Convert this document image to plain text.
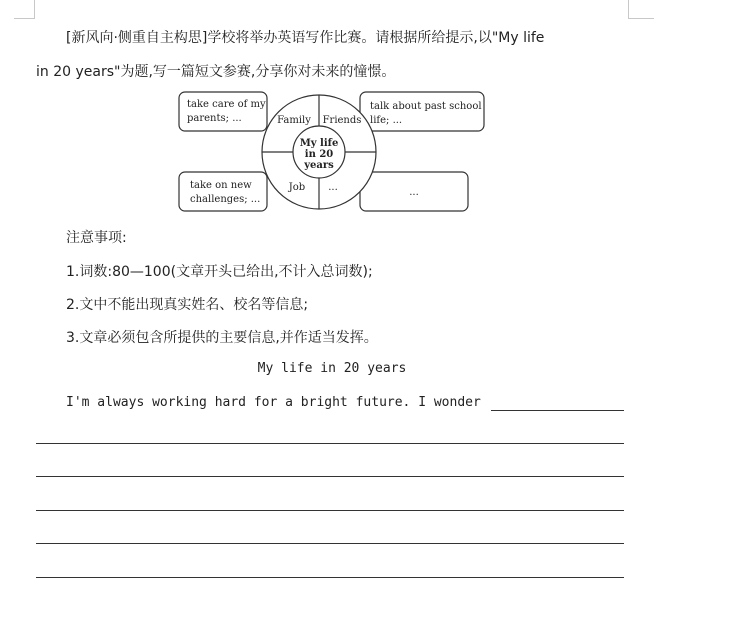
[新风向·侧重自主构思]学校将举办英语写作比赛。请根据所给提示,以"My life
in 20 years"为题,写一篇短文参赛,分享你对未来的憧憬。
take care of my
parents; ...
talk about past school
life; ...
take on new
challenges; ...
...
Family Friends
Job ...
My life
in 20
years
注意事项:
1.词数:80—100(文章开头已给出,不计入总词数);
2.文中不能出现真实姓名、校名等信息;
3.文章必须包含所提供的主要信息,并作适当发挥。
My life in 20 years
I'm always working hard for a bright future. I wonder
